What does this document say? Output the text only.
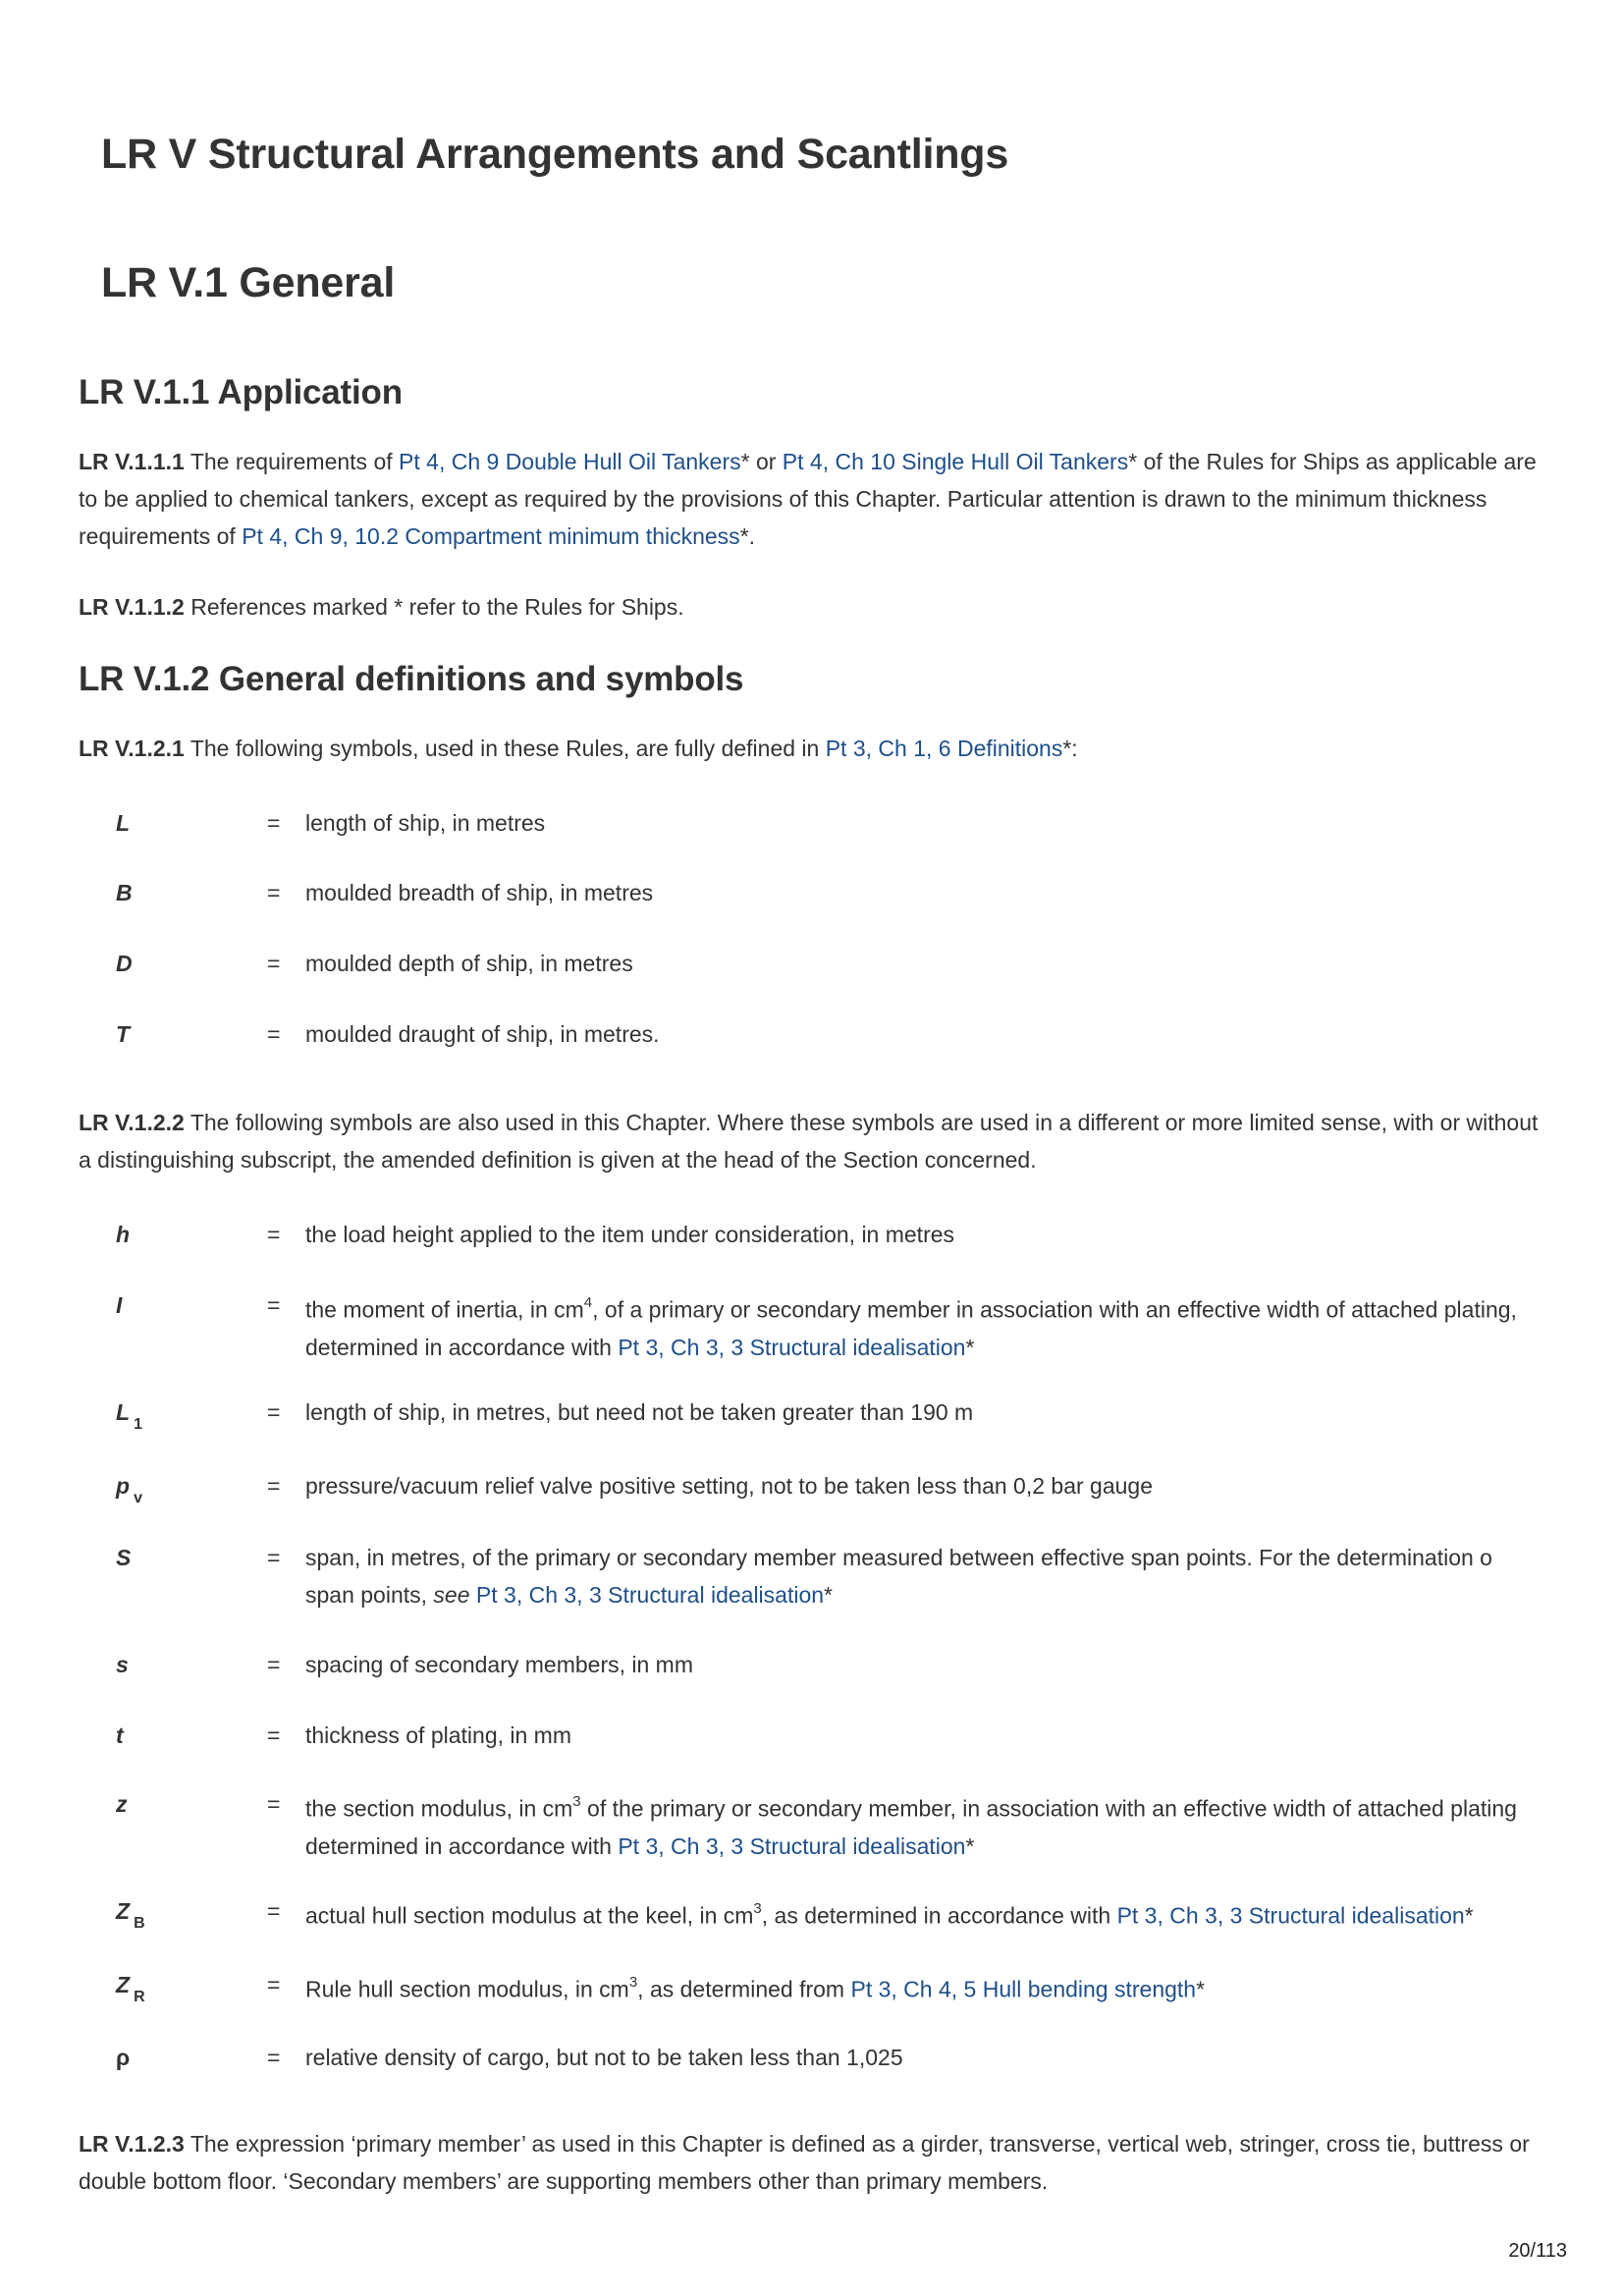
LR V Structural Arrangements and Scantlings
LR V.1 General
LR V.1.1 Application

LR V.1.1.1 The requirements of Pt 4, Ch 9 Double Hull Oil Tankers* or Pt 4, Ch 10 Single Hull Oil Tankers* of the Rules for Ships as applicable are to be applied to chemical tankers, except as required by the provisions of this Chapter. Particular attention is drawn to the minimum thickness requirements of Pt 4, Ch 9, 10.2 Compartment minimum thickness*.

LR V.1.1.2 References marked * refer to the Rules for Ships.

LR V.1.2 General definitions and symbols

LR V.1.2.1 The following symbols, used in these Rules, are fully defined in Pt 3, Ch 1, 6 Definitions*:

L	= length of ship, in metres
B	= moulded breadth of ship, in metres
D	= moulded depth of ship, in metres
T	= moulded draught of ship, in metres.

LR V.1.2.2 The following symbols are also used in this Chapter. Where these symbols are used in a different or more limited sense, with or without a distinguishing subscript, the amended definition is given at the head of the Section concerned.

h	= the load height applied to the item under consideration, in metres
I	= the moment of inertia, in $cm^4$, of a primary or secondary member in association with an effective width of attached plating, determined in accordance with Pt 3, Ch 3, 3 Structural idealisation*
L $_1$	= length of ship, in metres, but need not be taken greater than 190 m
p $_v$	= pressure/vacuum relief valve positive setting, not to be taken less than 0,2 bar gauge
S	= span, in metres, of the primary or secondary member measured between effective span points. For the determination o
span points, see Pt 3, Ch 3, 3 Structural idealisation*
s	= spacing of secondary members, in mm
t	= thickness of plating, in mm
z	= the section modulus, in $cm^3$ of the primary or secondary member, in association with an effective width of attached plating determined in accordance with Pt 3, Ch 3, 3 Structural idealisation*
Z $_B$	= actual hull section modulus at the keel, in $cm^3$, as determined in accordance with Pt 3, Ch 3, 3 Structural idealisation*
Z $_R$	= Rule hull section modulus, in $cm^3$, as determined from Pt 3, Ch 4, 5 Hull bending strength*
ρ	= relative density of cargo, but not to be taken less than 1,025

LR V.1.2.3 The expression ‘primary member’ as used in this Chapter is defined as a girder, transverse, vertical web, stringer, cross tie, buttress or double bottom floor. ‘Secondary members’ are supporting members other than primary members.

20/113
